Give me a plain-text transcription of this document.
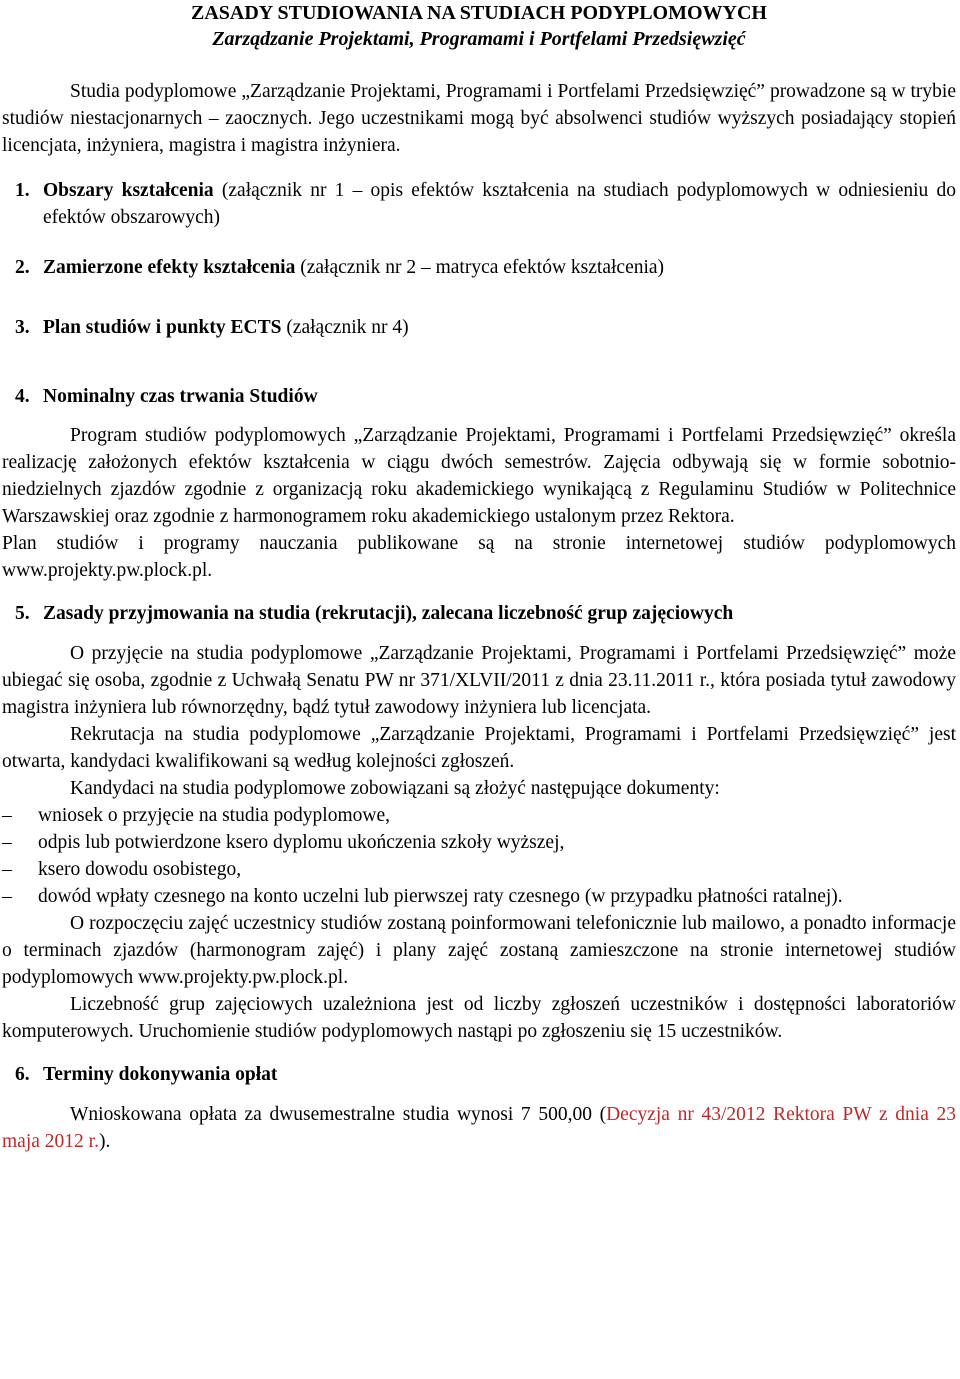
ZASADY STUDIOWANIA NA STUDIACH PODYPLOMOWYCH
Zarządzanie Projektami, Programami i Portfelami Przedsięwzięć

Studia podyplomowe „Zarządzanie Projektami, Programami i Portfelami Przedsięwzięć” prowadzone są w trybie studiów niestacjonarnych – zaocznych. Jego uczestnikami mogą być absolwenci studiów wyższych posiadający stopień licencjata, inżyniera, magistra i magistra inżyniera.

1. Obszary kształcenia (załącznik nr 1 – opis efektów kształcenia na studiach podyplomowych w odniesieniu do efektów obszarowych)

2. Zamierzone efekty kształcenia (załącznik nr 2 – matryca efektów kształcenia)

3. Plan studiów i punkty ECTS (załącznik nr 4)

4. Nominalny czas trwania Studiów

Program studiów podyplomowych „Zarządzanie Projektami, Programami i Portfelami Przedsięwzięć” określa realizację założonych efektów kształcenia w ciągu dwóch semestrów. Zajęcia odbywają się w formie sobotnio-niedzielnych zjazdów zgodnie z organizacją roku akademickiego wynikającą z Regulaminu Studiów w Politechnice Warszawskiej oraz zgodnie z harmonogramem roku akademickiego ustalonym przez Rektora.

Plan studiów i programy nauczania publikowane są na stronie internetowej studiów podyplomowych www.projekty.pw.plock.pl.

5. Zasady przyjmowania na studia (rekrutacji), zalecana liczebność grup zajęciowych

O przyjęcie na studia podyplomowe „Zarządzanie Projektami, Programami i Portfelami Przedsięwzięć” może ubiegać się osoba, zgodnie z Uchwałą Senatu PW nr 371/XLVII/2011 z dnia 23.11.2011 r., która posiada tytuł zawodowy magistra inżyniera lub równorzędny, bądź tytuł zawodowy inżyniera lub licencjata.

Rekrutacja na studia podyplomowe „Zarządzanie Projektami, Programami i Portfelami Przedsięwzięć” jest otwarta, kandydaci kwalifikowani są według kolejności zgłoszeń.

Kandydaci na studia podyplomowe zobowiązani są złożyć następujące dokumenty:

– wniosek o przyjęcie na studia podyplomowe,
– odpis lub potwierdzone ksero dyplomu ukończenia szkoły wyższej,
– ksero dowodu osobistego,
– dowód wpłaty czesnego na konto uczelni lub pierwszej raty czesnego (w przypadku płatności ratalnej).

O rozpoczęciu zajęć uczestnicy studiów zostaną poinformowani telefonicznie lub mailowo, a ponadto informacje o terminach zjazdów (harmonogram zajęć) i plany zajęć zostaną zamieszczone na stronie internetowej studiów podyplomowych www.projekty.pw.plock.pl.

Liczebność grup zajęciowych uzależniona jest od liczby zgłoszeń uczestników i dostępności laboratoriów komputerowych. Uruchomienie studiów podyplomowych nastąpi po zgłoszeniu się 15 uczestników.

6. Terminy dokonywania opłat

Wnioskowana opłata za dwusemestralne studia wynosi 7 500,00 (Decyzja nr 43/2012 Rektora PW z dnia 23 maja 2012 r.).
